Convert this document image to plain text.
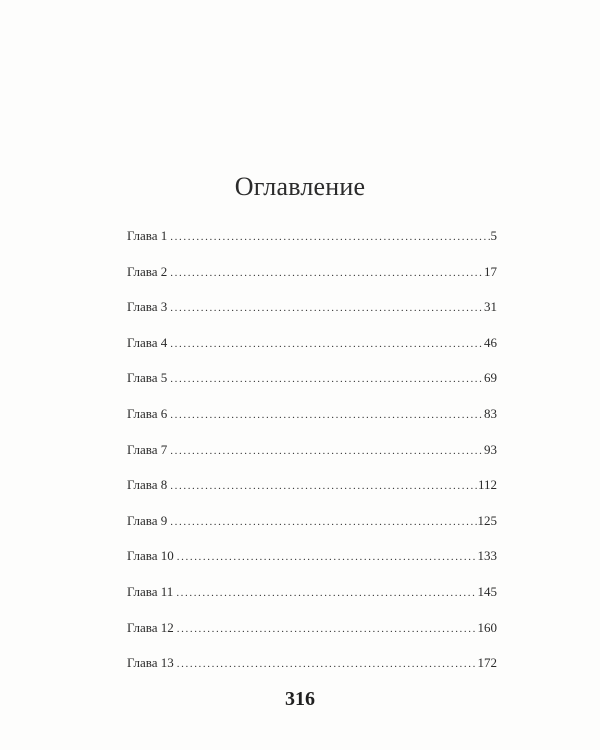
Оглавление
Глава 1 .....	5
Глава 2 .....	17
Глава 3 .....	31
Глава 4 .....	46
Глава 5 .....	69
Глава 6 .....	83
Глава 7 .....	93
Глава 8 .....	112
Глава 9 .....	125
Глава 10 .....	133
Глава 11 .....	145
Глава 12 .....	160
Глава 13 .....	172
316
